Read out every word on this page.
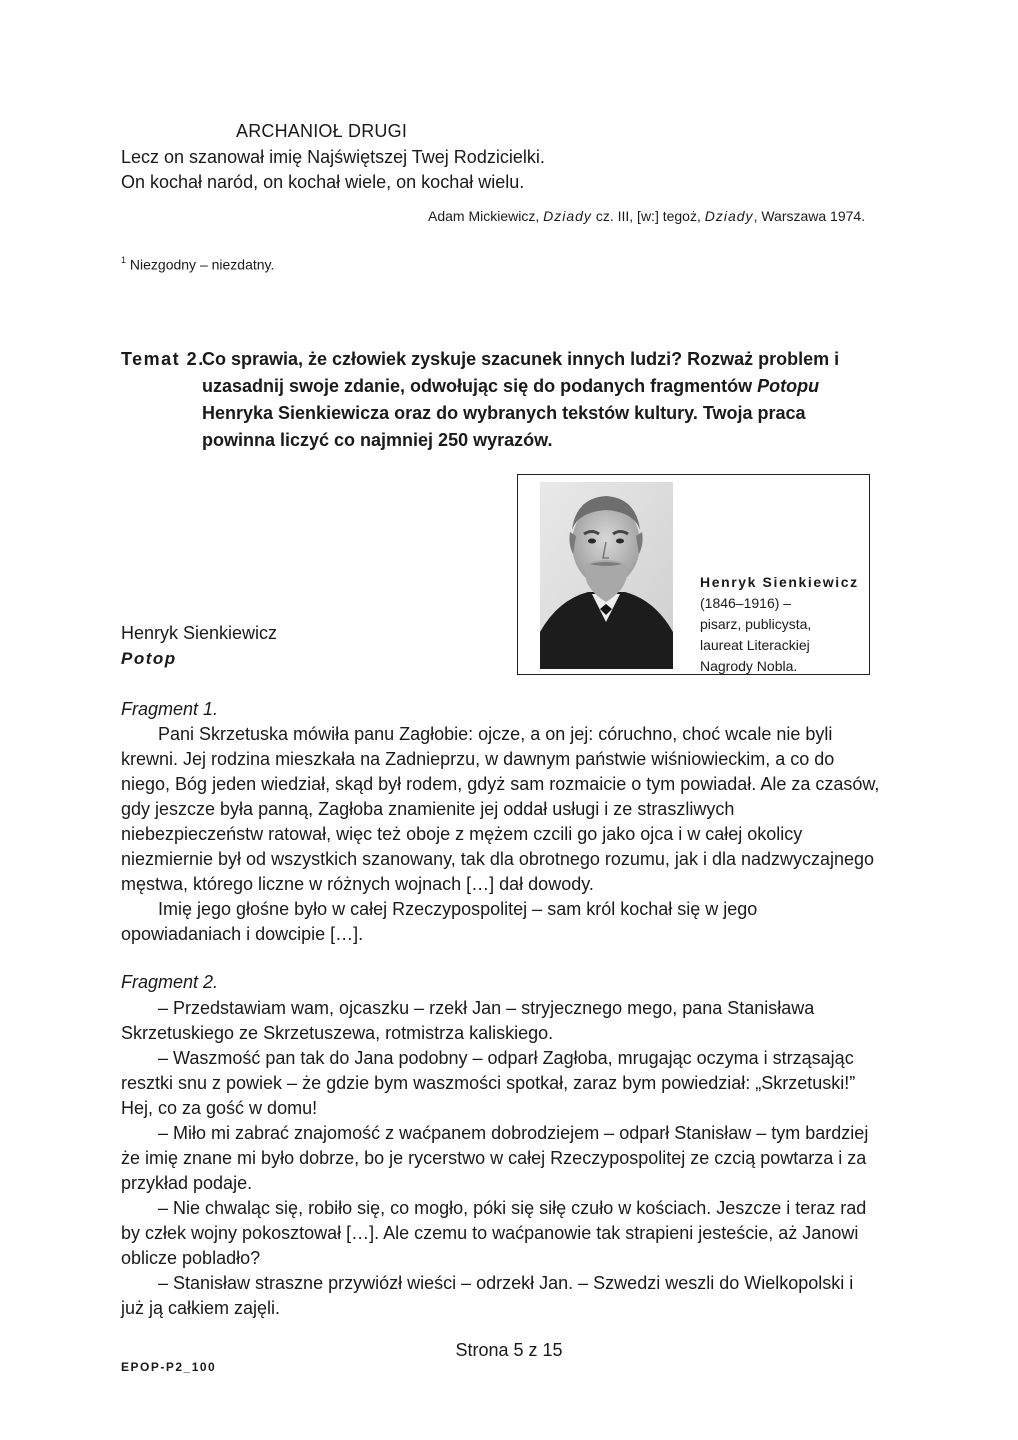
ARCHANIOŁ DRUGI
Lecz on szanował imię Najświętszej Twej Rodzicielki.
On kochał naród, on kochał wiele, on kochał wielu.
Adam Mickiewicz, Dziady cz. III, [w:] tegoż, Dziady, Warszawa 1974.
$^1$ Niezgodny – niezdatny.
Temat 2.
Co sprawia, że człowiek zyskuje szacunek innych ludzi? Rozważ problem i uzasadnij swoje zdanie, odwołując się do podanych fragmentów Potopu Henryka Sienkiewicza oraz do wybranych tekstów kultury. Twoja praca powinna liczyć co najmniej 250 wyrazów.
Henryk Sienkiewicz
(1846–1916) –
pisarz, publicysta,
laureat Literackiej
Nagrody Nobla.
Henryk Sienkiewicz
Potop
Fragment 1.

Pani Skrzetuska mówiła panu Zagłobie: ojcze, a on jej: córuchno, choć wcale nie byli krewni. Jej rodzina mieszkała na Zadnieprzu, w dawnym państwie wiśniowieckim, a co do niego, Bóg jeden wiedział, skąd był rodem, gdyż sam rozmaicie o tym powiadał. Ale za czasów, gdy jeszcze była panną, Zagłoba znamienite jej oddał usługi i ze straszliwych niebezpieczeństw ratował, więc też oboje z mężem czcili go jako ojca i w całej okolicy niezmiernie był od wszystkich szanowany, tak dla obrotnego rozumu, jak i dla nadzwyczajnego męstwa, którego liczne w różnych wojnach […] dał dowody.

Imię jego głośne było w całej Rzeczypospolitej – sam król kochał się w jego opowiadaniach i dowcipie […].

Fragment 2.

– Przedstawiam wam, ojcaszku – rzekł Jan – stryjecznego mego, pana Stanisława Skrzetuskiego ze Skrzetuszewa, rotmistrza kaliskiego.

– Waszmość pan tak do Jana podobny – odparł Zagłoba, mrugając oczyma i strząsając resztki snu z powiek – że gdzie bym waszmości spotkał, zaraz bym powiedział: „Skrzetuski!” Hej, co za gość w domu!

– Miło mi zabrać znajomość z waćpanem dobrodziejem – odparł Stanisław – tym bardziej że imię znane mi było dobrze, bo je rycerstwo w całej Rzeczypospolitej ze czcią powtarza i za przykład podaje.

– Nie chwaląc się, robiło się, co mogło, póki się siłę czuło w kościach. Jeszcze i teraz rad by człek wojny pokosztował […]. Ale czemu to waćpanowie tak strapieni jesteście, aż Janowi oblicze pobladło?

– Stanisław straszne przywiózł wieści – odrzekł Jan. – Szwedzi weszli do Wielkopolski i już ją całkiem zajęli.

Strona 5 z 15
EPOP-P2_100
